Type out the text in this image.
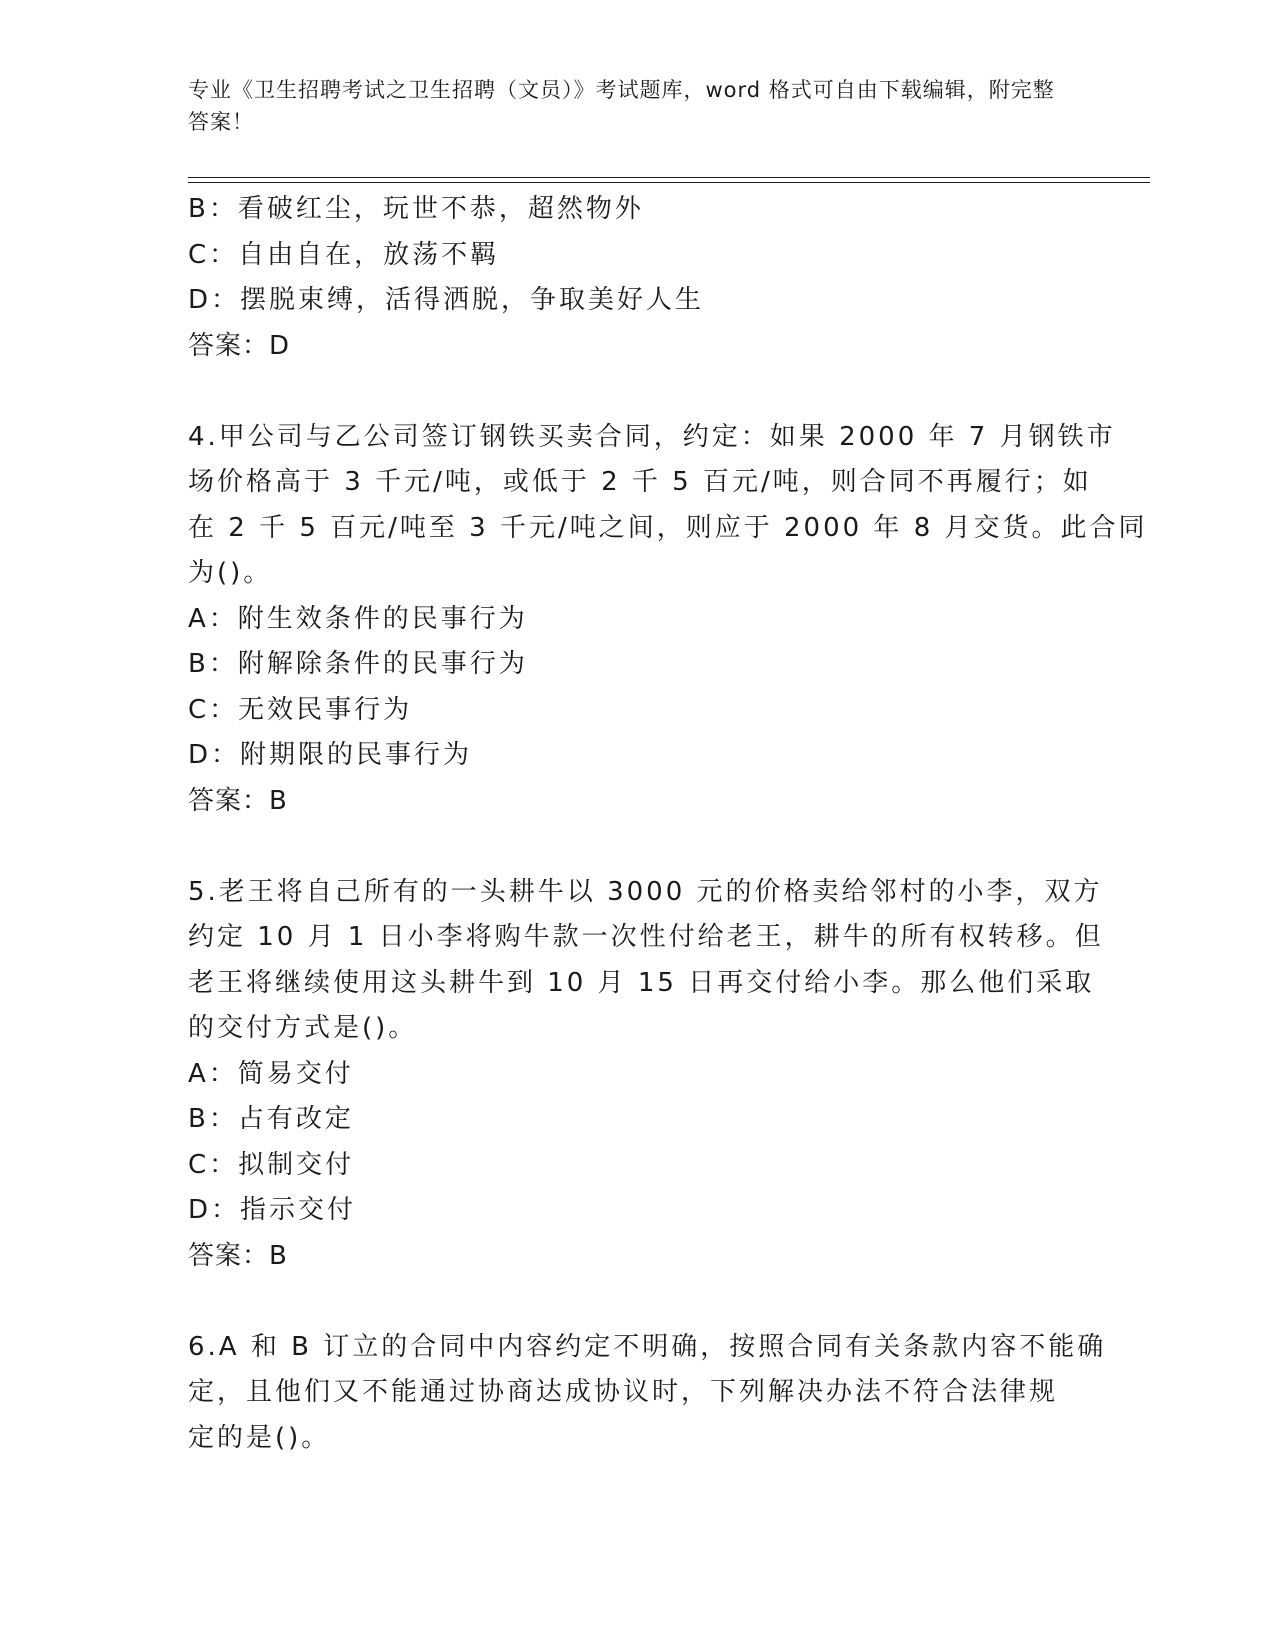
专业《卫生招聘考试之卫生招聘（文员）》考试题库，word 格式可自由下载编辑，附完整答案！
B：看破红尘，玩世不恭，超然物外
C：自由自在，放荡不羁
D：摆脱束缚，活得洒脱，争取美好人生
答案：D
4.甲公司与乙公司签订钢铁买卖合同，约定：如果 2000 年 7 月钢铁市
场价格高于 3 千元/吨，或低于 2 千 5 百元/吨，则合同不再履行；如
在 2 千 5 百元/吨至 3 千元/吨之间，则应于 2000 年 8 月交货。此合同
为()。
A：附生效条件的民事行为
B：附解除条件的民事行为
C：无效民事行为
D：附期限的民事行为
答案：B
5.老王将自己所有的一头耕牛以 3000 元的价格卖给邻村的小李，双方
约定 10 月 1 日小李将购牛款一次性付给老王，耕牛的所有权转移。但
老王将继续使用这头耕牛到 10 月 15 日再交付给小李。那么他们采取
的交付方式是()。
A：简易交付
B：占有改定
C：拟制交付
D：指示交付
答案：B
6.A 和 B 订立的合同中内容约定不明确，按照合同有关条款内容不能确
定，且他们又不能通过协商达成协议时，下列解决办法不符合法律规
定的是()。
